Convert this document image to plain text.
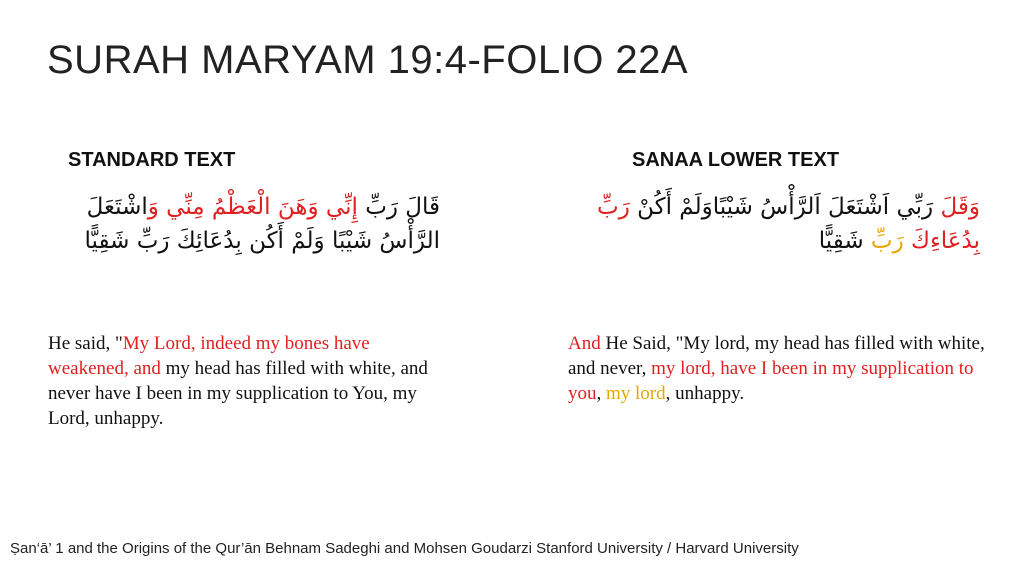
SURAH MARYAM 19:4-FOLIO 22A
STANDARD TEXT	SANAA LOWER TEXT
قَالَ رَبِّ إِنِّي وَهَنَ الْعَظْمُ مِنِّي وَاشْتَعَلَ
الرَّأْسُ شَيْبًا وَلَمْ أَكُن بِدُعَائِكَ رَبِّ شَقِيًّا
وَقَلَ رَبِّي اَشْتَعَلَ اَلرَّأْسُ شَيْبًاوَلَمْ أَكُنْ رَبِّ
بِدُعَاءِكَ رَبِّ شَقِيًّا
He said, "My Lord, indeed my bones have weakened, and my head has filled with white, and never have I been in my supplication to You, my Lord, unhappy.
And He Said, "My lord, my head has filled with white, and never, my lord, have I been in my supplication to you, my lord, unhappy.
Ṣan‘ā’ 1 and the Origins of the Qur’ān Behnam Sadeghi and Mohsen Goudarzi Stanford University / Harvard University
